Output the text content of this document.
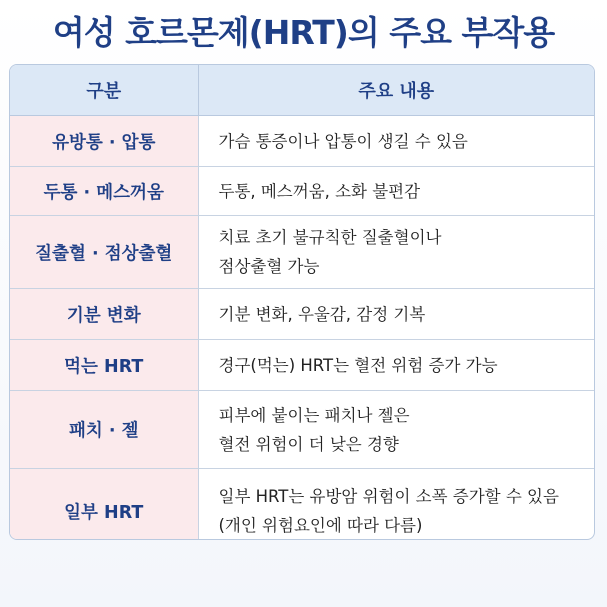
여성 호르몬제(HRT)의 주요 부작용
구분	주요 내용
유방통 · 압통	가슴 통증이나 압통이 생길 수 있음

두통 · 메스꺼움	두통, 메스꺼움, 소화 불편감

질출혈 · 점상출혈	치료 초기 불규칙한 질출혈이나
점상출혈 가능

기분 변화	기분 변화, 우울감, 감정 기복

먹는 HRT	경구(먹는) HRT는 혈전 위험 증가 가능

패치 · 젤	피부에 붙이는 패치나 젤은
혈전 위험이 더 낮은 경향

일부 HRT	일부 HRT는 유방암 위험이 소폭 증가할 수 있음
(개인 위험요인에 따라 다름)
